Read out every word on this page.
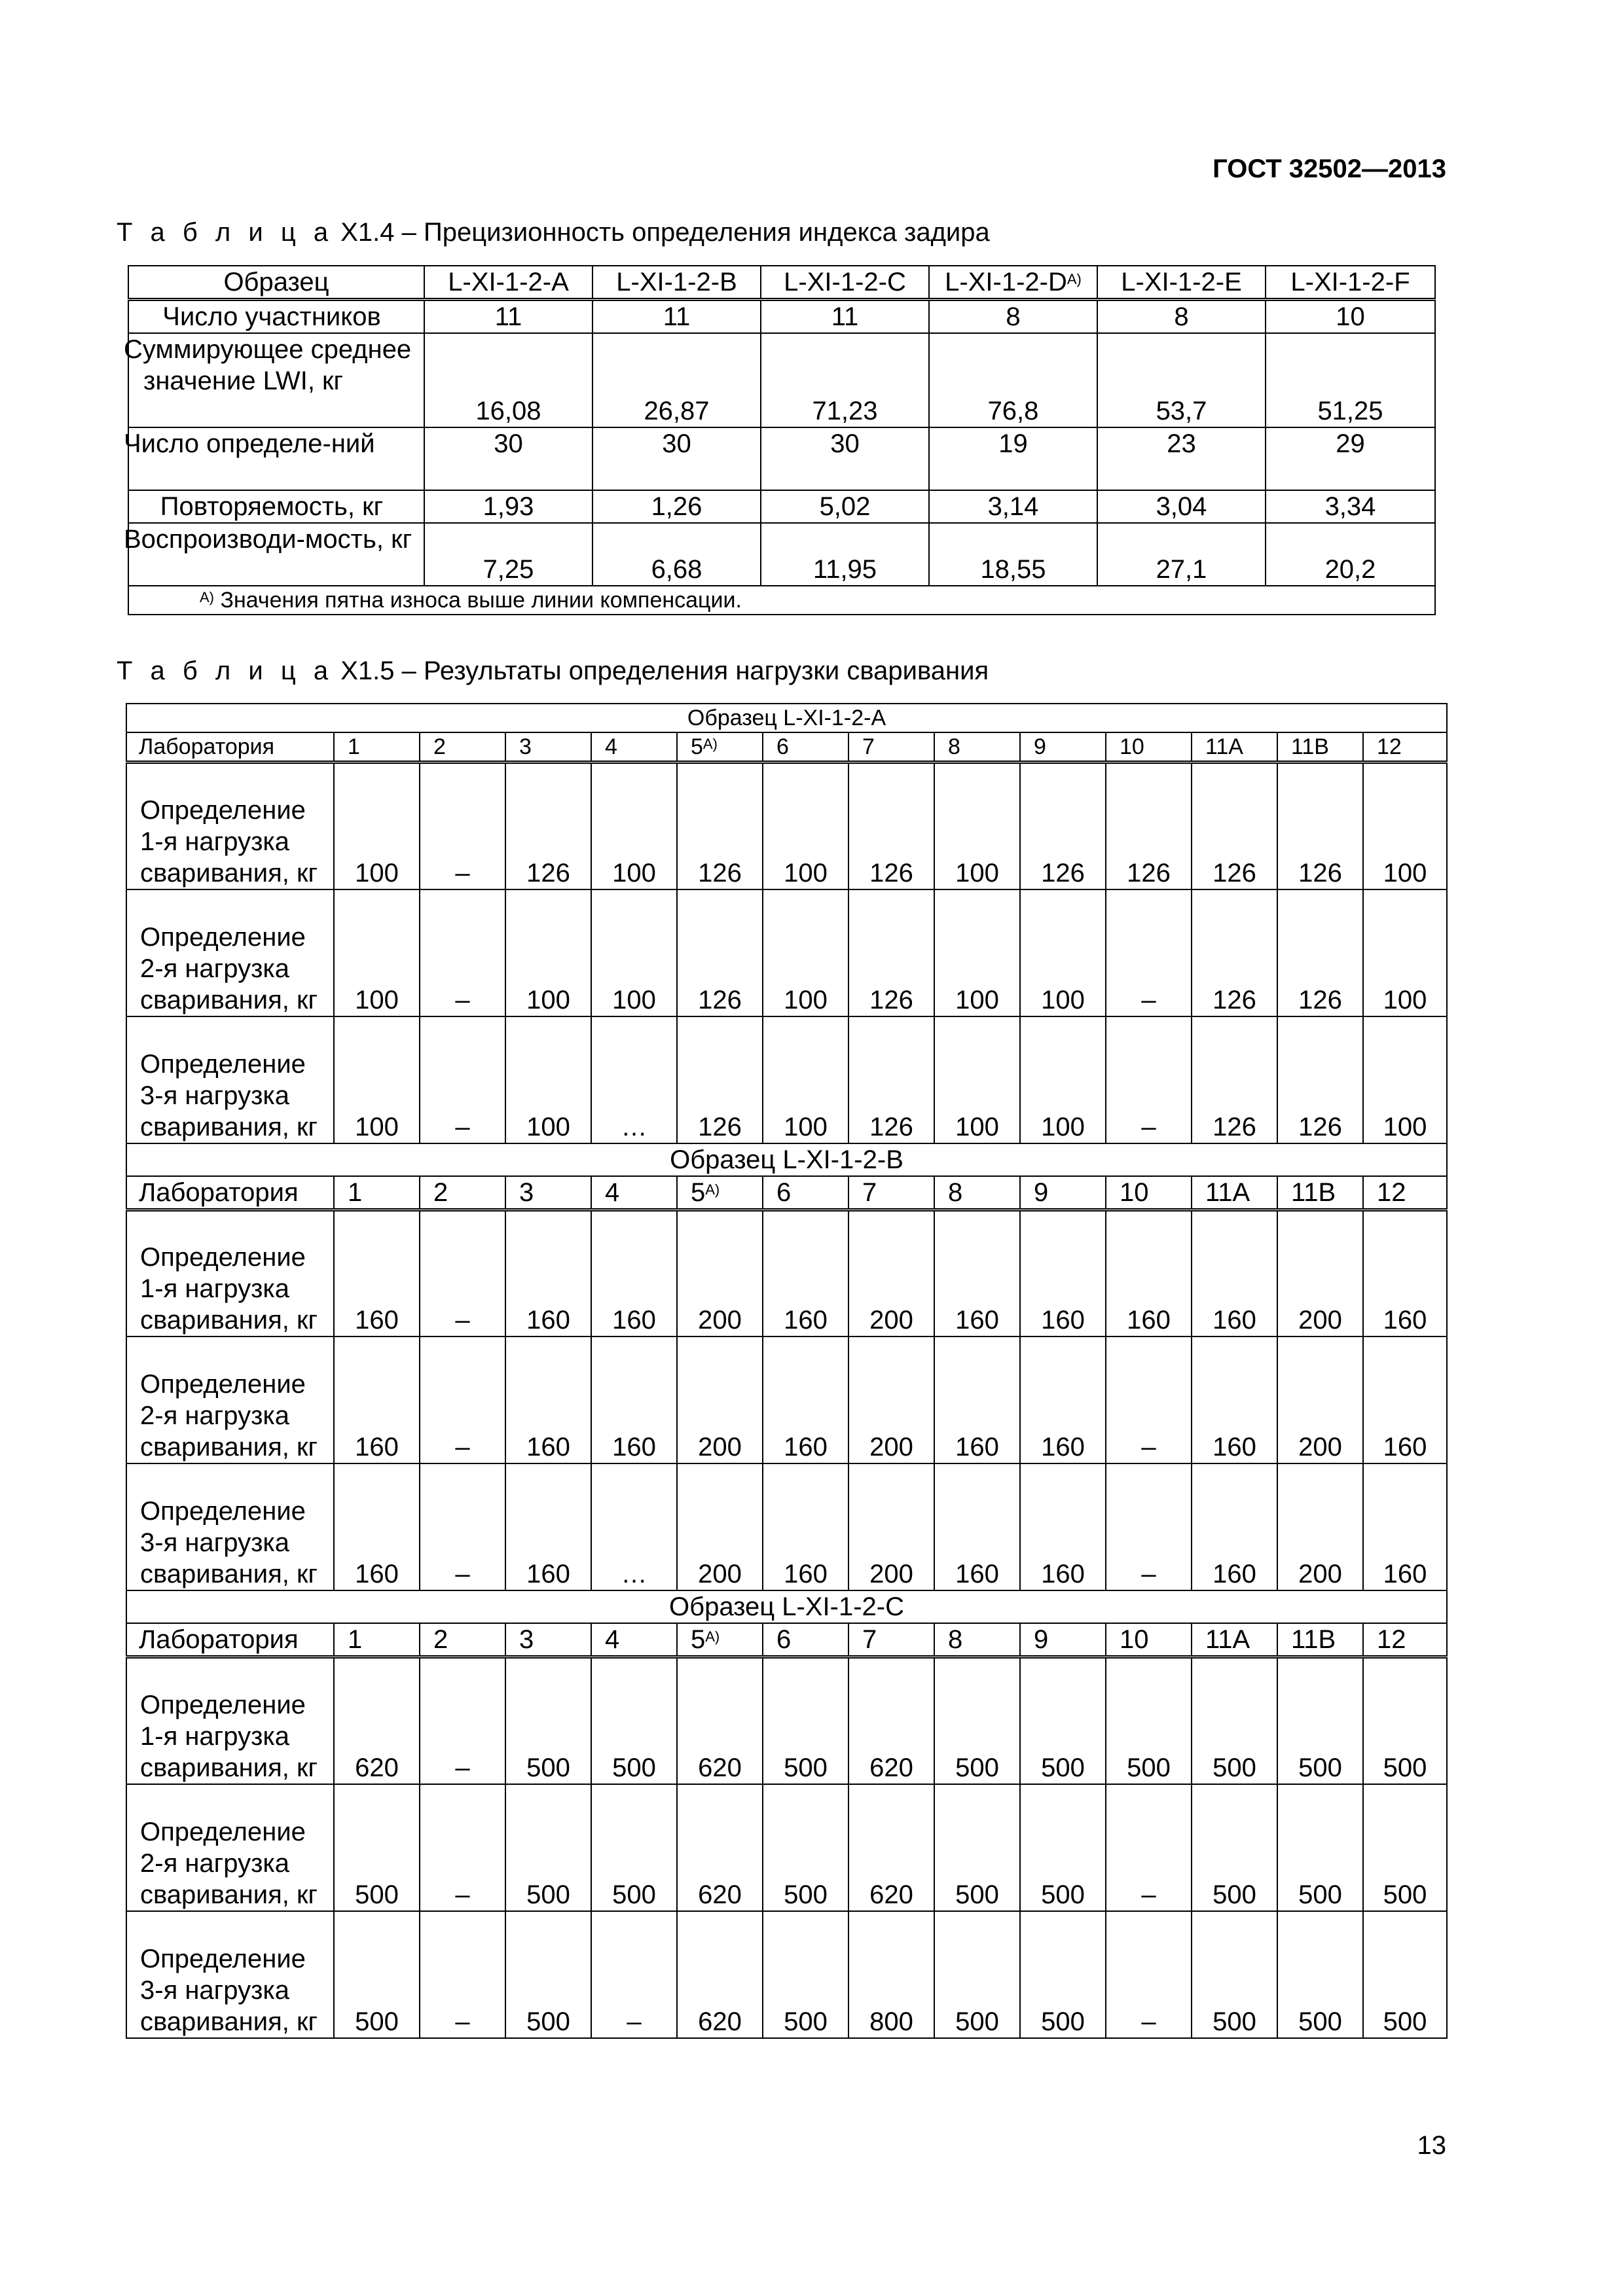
ГОСТ 32502—2013
Т а б л и ц а Х1.4 – Прецизионность определения индекса задира
Образец	L-XI-1-2-A	L-XI-1-2-B	L-XI-1-2-C	$L-XI-1-2-D^{A)}$	L-XI-1-2-E	L-XI-1-2-F
Число участников	11	11	11	8	8	10
Суммирующее среднее значение LWI, кг	16,08	26,87	71,23	76,8	53,7	51,25
Число определе-ний	30	30	30	19	23	29
Повторяемость, кг	1,93	1,26	5,02	3,14	3,04	3,34
Воспроизводи-мость, кг	7,25	6,68	11,95	18,55	27,1	20,2
$^{A)}$ Значения пятна износа выше линии компенсации.						
Т а б л и ц а Х1.5 – Результаты определения нагрузки сваривания
Образец L-XI-1-2-A													
Лаборатория	1	2	3	4	$5^{A)}$	6	7	8	9	10	11A	11B	12
Определение 1-я нагрузка сваривания, кг	100	–	126	100	126	100	126	100	126	126	126	126	100
Определение 2-я нагрузка сваривания, кг	100	–	100	100	126	100	126	100	100	–	126	126	100
Определение 3-я нагрузка сваривания, кг	100	–	100	…	126	100	126	100	100	–	126	126	100
Образец L-XI-1-2-B													
Лаборатория	1	2	3	4	$5^{A)}$	6	7	8	9	10	11A	11B	12
Определение 1-я нагрузка сваривания, кг	160	–	160	160	200	160	200	160	160	160	160	200	160
Определение 2-я нагрузка сваривания, кг	160	–	160	160	200	160	200	160	160	–	160	200	160
Определение 3-я нагрузка сваривания, кг	160	–	160	…	200	160	200	160	160	–	160	200	160
Образец L-XI-1-2-C													
Лаборатория	1	2	3	4	$5^{A)}$	6	7	8	9	10	11A	11B	12
Определение 1-я нагрузка сваривания, кг	620	–	500	500	620	500	620	500	500	500	500	500	500
Определение 2-я нагрузка сваривания, кг	500	–	500	500	620	500	620	500	500	–	500	500	500
Определение 3-я нагрузка сваривания, кг	500	–	500	–	620	500	800	500	500	–	500	500	500
13
